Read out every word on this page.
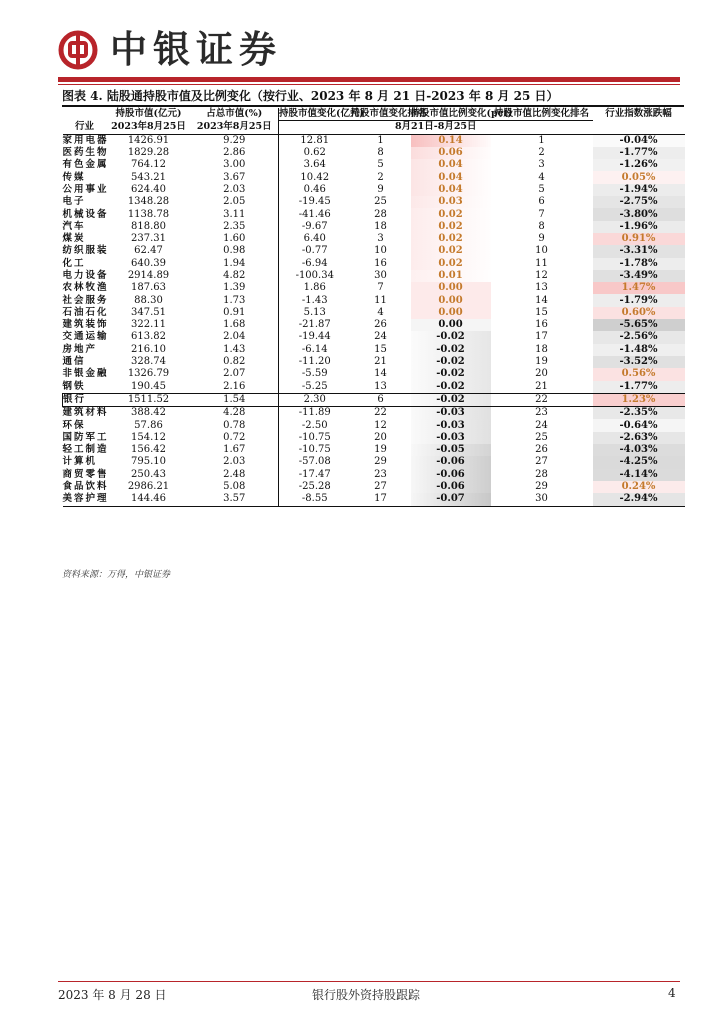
中银证券
图表 4. 陆股通持股市值及比例变化（按行业、2023 年 8 月 21 日-2023 年 8 月 25 日）
	持股市值(亿元)	占总市值(%)	持股市值变化(亿元)	持股市值变化排名	持股市值比例变化(pct)	持股市值比例变化排名	行业指数涨跌幅
行业	2023年8月25日	2023年8月25日	8月21日-8月25日				
家用电器	1426.91	9.29	12.81	1	0.14	1	-0.04%
医药生物	1829.28	2.86	0.62	8	0.06	2	-1.77%
有色金属	764.12	3.00	3.64	5	0.04	3	-1.26%
传媒	543.21	3.67	10.42	2	0.04	4	0.05%
公用事业	624.40	2.03	0.46	9	0.04	5	-1.94%
电子	1348.28	2.05	-19.45	25	0.03	6	-2.75%
机械设备	1138.78	3.11	-41.46	28	0.02	7	-3.80%
汽车	818.80	2.35	-9.67	18	0.02	8	-1.96%
煤炭	237.31	1.60	6.40	3	0.02	9	0.91%
纺织服装	62.47	0.98	-0.77	10	0.02	10	-3.31%
化工	640.39	1.94	-6.94	16	0.02	11	-1.78%
电力设备	2914.89	4.82	-100.34	30	0.01	12	-3.49%
农林牧渔	187.63	1.39	1.86	7	0.00	13	1.47%
社会服务	88.30	1.73	-1.43	11	0.00	14	-1.79%
石油石化	347.51	0.91	5.13	4	0.00	15	0.60%
建筑装饰	322.11	1.68	-21.87	26	0.00	16	-5.65%
交通运输	613.82	2.04	-19.44	24	-0.02	17	-2.56%
房地产	216.10	1.43	-6.14	15	-0.02	18	-1.48%
通信	328.74	0.82	-11.20	21	-0.02	19	-3.52%
非银金融	1326.79	2.07	-5.59	14	-0.02	20	0.56%
钢铁	190.45	2.16	-5.25	13	-0.02	21	-1.77%
银行	1511.52	1.54	2.30	6	-0.02	22	1.23%
建筑材料	388.42	4.28	-11.89	22	-0.03	23	-2.35%
环保	57.86	0.78	-2.50	12	-0.03	24	-0.64%
国防军工	154.12	0.72	-10.75	20	-0.03	25	-2.63%
轻工制造	156.42	1.67	-10.75	19	-0.05	26	-4.03%
计算机	795.10	2.03	-57.08	29	-0.06	27	-4.25%
商贸零售	250.43	2.48	-17.47	23	-0.06	28	-4.14%
食品饮料	2986.21	5.08	-25.28	27	-0.06	29	0.24%
美容护理	144.46	3.57	-8.55	17	-0.07	30	-2.94%
资料来源：万得，中银证券
2023 年 8 月 28 日	银行股外资持股跟踪	4
